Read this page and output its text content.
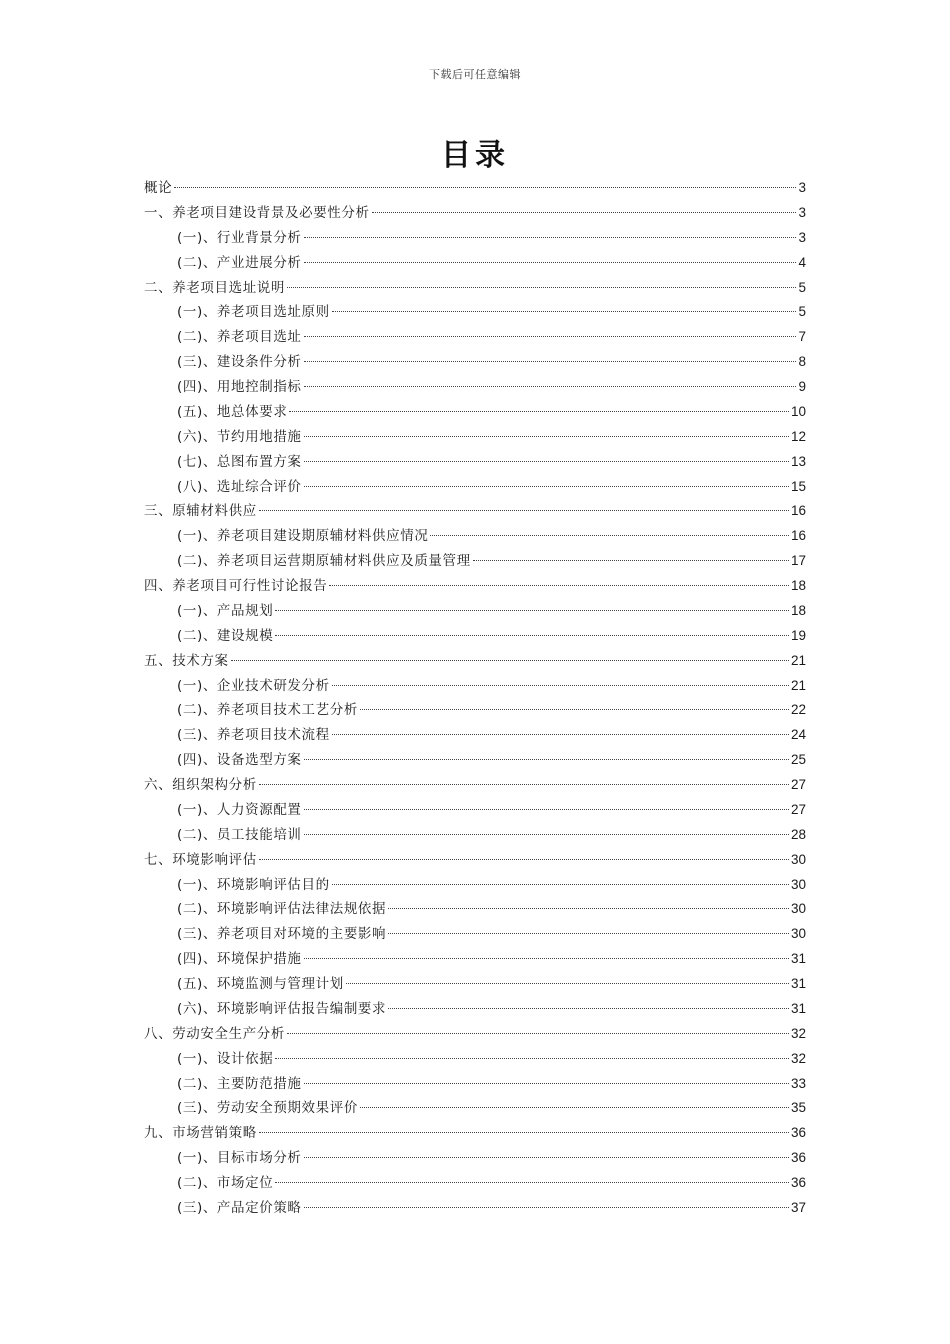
下载后可任意编辑
目录
概论	3
一、养老项目建设背景及必要性分析	3
(一)、行业背景分析	3
(二)、产业进展分析	4
二、养老项目选址说明	5
(一)、养老项目选址原则	5
(二)、养老项目选址	7
(三)、建设条件分析	8
(四)、用地控制指标	9
(五)、地总体要求	10
(六)、节约用地措施	12
(七)、总图布置方案	13
(八)、选址综合评价	15
三、原辅材料供应	16
(一)、养老项目建设期原辅材料供应情况	16
(二)、养老项目运营期原辅材料供应及质量管理	17
四、养老项目可行性讨论报告	18
(一)、产品规划	18
(二)、建设规模	19
五、技术方案	21
(一)、企业技术研发分析	21
(二)、养老项目技术工艺分析	22
(三)、养老项目技术流程	24
(四)、设备选型方案	25
六、组织架构分析	27
(一)、人力资源配置	27
(二)、员工技能培训	28
七、环境影响评估	30
(一)、环境影响评估目的	30
(二)、环境影响评估法律法规依据	30
(三)、养老项目对环境的主要影响	30
(四)、环境保护措施	31
(五)、环境监测与管理计划	31
(六)、环境影响评估报告编制要求	31
八、劳动安全生产分析	32
(一)、设计依据	32
(二)、主要防范措施	33
(三)、劳动安全预期效果评价	35
九、市场营销策略	36
(一)、目标市场分析	36
(二)、市场定位	36
(三)、产品定价策略	37
